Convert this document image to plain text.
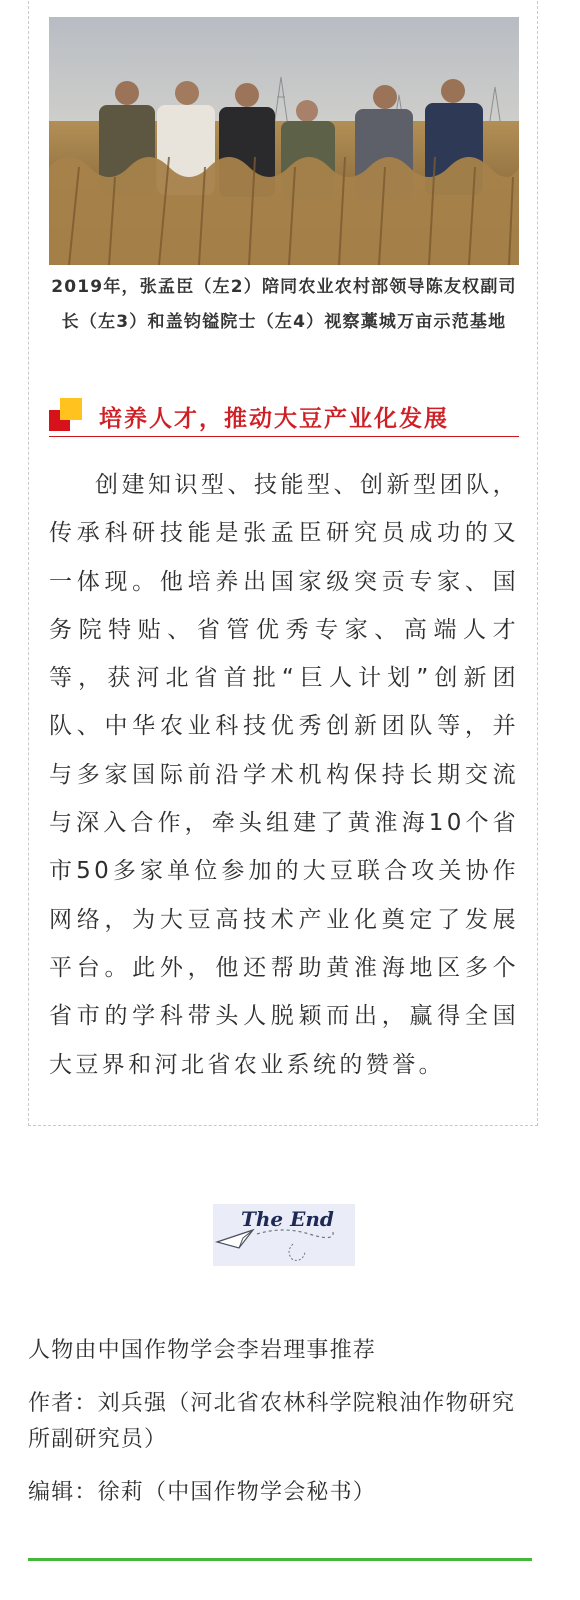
2019年，张孟臣（左2）陪同农业农村部领导陈友权副司长（左3）和盖钧镒院士（左4）视察藁城万亩示范基地
培养人才，推动大豆产业化发展

创建知识型、技能型、创新型团队，传承科研技能是张孟臣研究员成功的又一体现。他培养出国家级突贡专家、国务院特贴、省管优秀专家、高端人才等，获河北省首批“巨人计划”创新团队、中华农业科技优秀创新团队等，并与多家国际前沿学术机构保持长期交流与深入合作，牵头组建了黄淮海10个省市50多家单位参加的大豆联合攻关协作网络，为大豆高技术产业化奠定了发展平台。此外，他还帮助黄淮海地区多个省市的学科带头人脱颖而出，赢得全国大豆界和河北省农业系统的赞誉。

The End

人物由中国作物学会李岩理事推荐

作者：刘兵强（河北省农林科学院粮油作物研究所副研究员）

编辑：徐莉（中国作物学会秘书）
